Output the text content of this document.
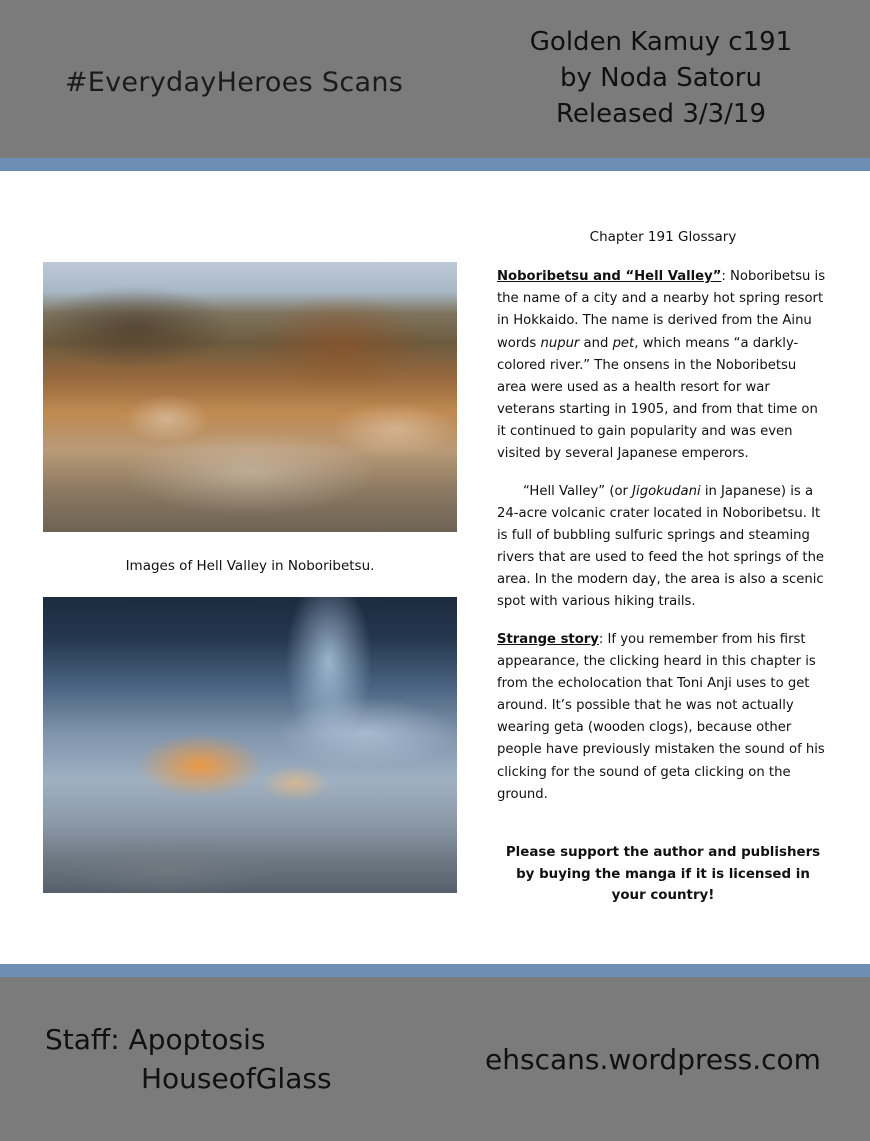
#EverydayHeroes Scans
Golden Kamuy c191
by Noda Satoru
Released 3/3/19
Images of Hell Valley in Noboribetsu.
Chapter 191 Glossary

Noboribetsu and “Hell Valley”: Noboribetsu is the name of a city and a nearby hot spring resort in Hokkaido. The name is derived from the Ainu words nupur and pet, which means “a darkly-colored river.” The onsens in the Noboribetsu area were used as a health resort for war veterans starting in 1905, and from that time on it continued to gain popularity and was even visited by several Japanese emperors.

“Hell Valley” (or Jigokudani in Japanese) is a 24-acre volcanic crater located in Noboribetsu. It is full of bubbling sulfuric springs and steaming rivers that are used to feed the hot springs of the area. In the modern day, the area is also a scenic spot with various hiking trails.

Strange story: If you remember from his first appearance, the clicking heard in this chapter is from the echolocation that Toni Anji uses to get around. It’s possible that he was not actually wearing geta (wooden clogs), because other people have previously mistaken the sound of his clicking for the sound of geta clicking on the ground.

Please support the author and publishers by buying the manga if it is licensed in your country!
Staff: Apoptosis
HouseofGlass
ehscans.wordpress.com
